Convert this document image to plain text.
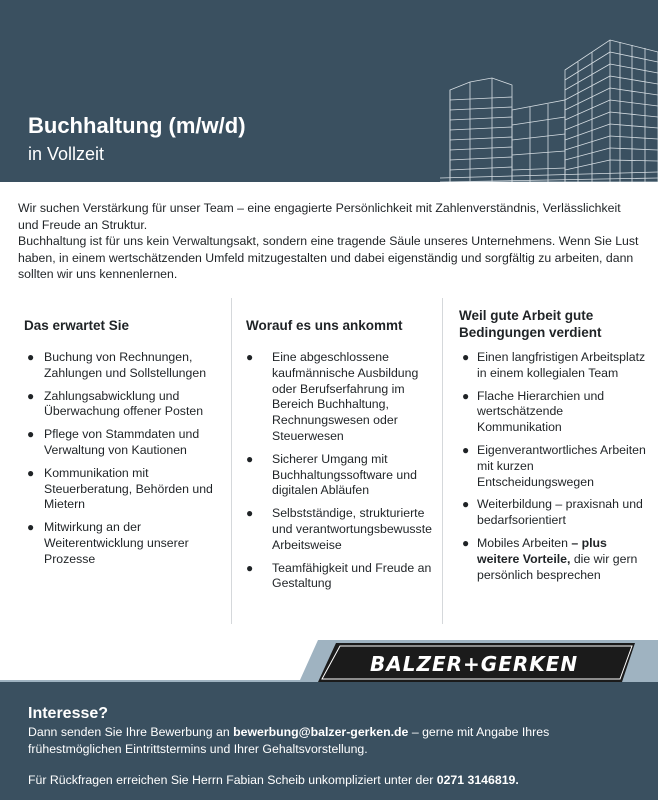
Buchhaltung (m/w/d)

in Vollzeit

Wir suchen Verstärkung für unser Team – eine engagierte Persönlichkeit mit Zahlenverständnis, Verlässlichkeit und Freude an Struktur.

Buchhaltung ist für uns kein Verwaltungsakt, sondern eine tragende Säule unseres Unternehmens. Wenn Sie Lust haben, in einem wertschätzenden Umfeld mitzugestalten und dabei eigenständig und sorgfältig zu arbeiten, dann sollten wir uns kennenlernen.

Das erwartet Sie
● Buchung von Rechnungen, Zahlungen und Sollstellungen
● Zahlungsabwicklung und Überwachung offener Posten
● Pflege von Stammdaten und Verwaltung von Kautionen
● Kommunikation mit Steuerberatung, Behörden und Mietern
● Mitwirkung an der Weiterentwicklung unserer Prozesse
Worauf es uns ankommt
● Eine abgeschlossene kaufmännische Ausbildung oder Berufserfahrung im Bereich Buchhaltung, Rechnungswesen oder Steuerwesen
● Sicherer Umgang mit Buchhaltungssoftware und digitalen Abläufen
● Selbstständige, strukturierte und verantwortungsbewusste Arbeitsweise
● Teamfähigkeit und Freude an Gestaltung
Weil gute Arbeit gute Bedingungen verdient
● Einen langfristigen Arbeitsplatz in einem kollegialen Team
● Flache Hierarchien und wertschätzende Kommunikation
● Eigenverantwortliches Arbeiten mit kurzen Entscheidungswegen
● Weiterbildung – praxisnah und bedarfsorientiert
● Mobiles Arbeiten – plus weitere Vorteile, die wir gern persönlich besprechen
BALZER+GERKEN
Interesse?

Dann senden Sie Ihre Bewerbung an bewerbung@balzer-gerken.de – gerne mit Angabe Ihres frühestmöglichen Eintrittstermins und Ihrer Gehaltsvorstellung.

Für Rückfragen erreichen Sie Herrn Fabian Scheib unkompliziert unter der 0271 3146819.
